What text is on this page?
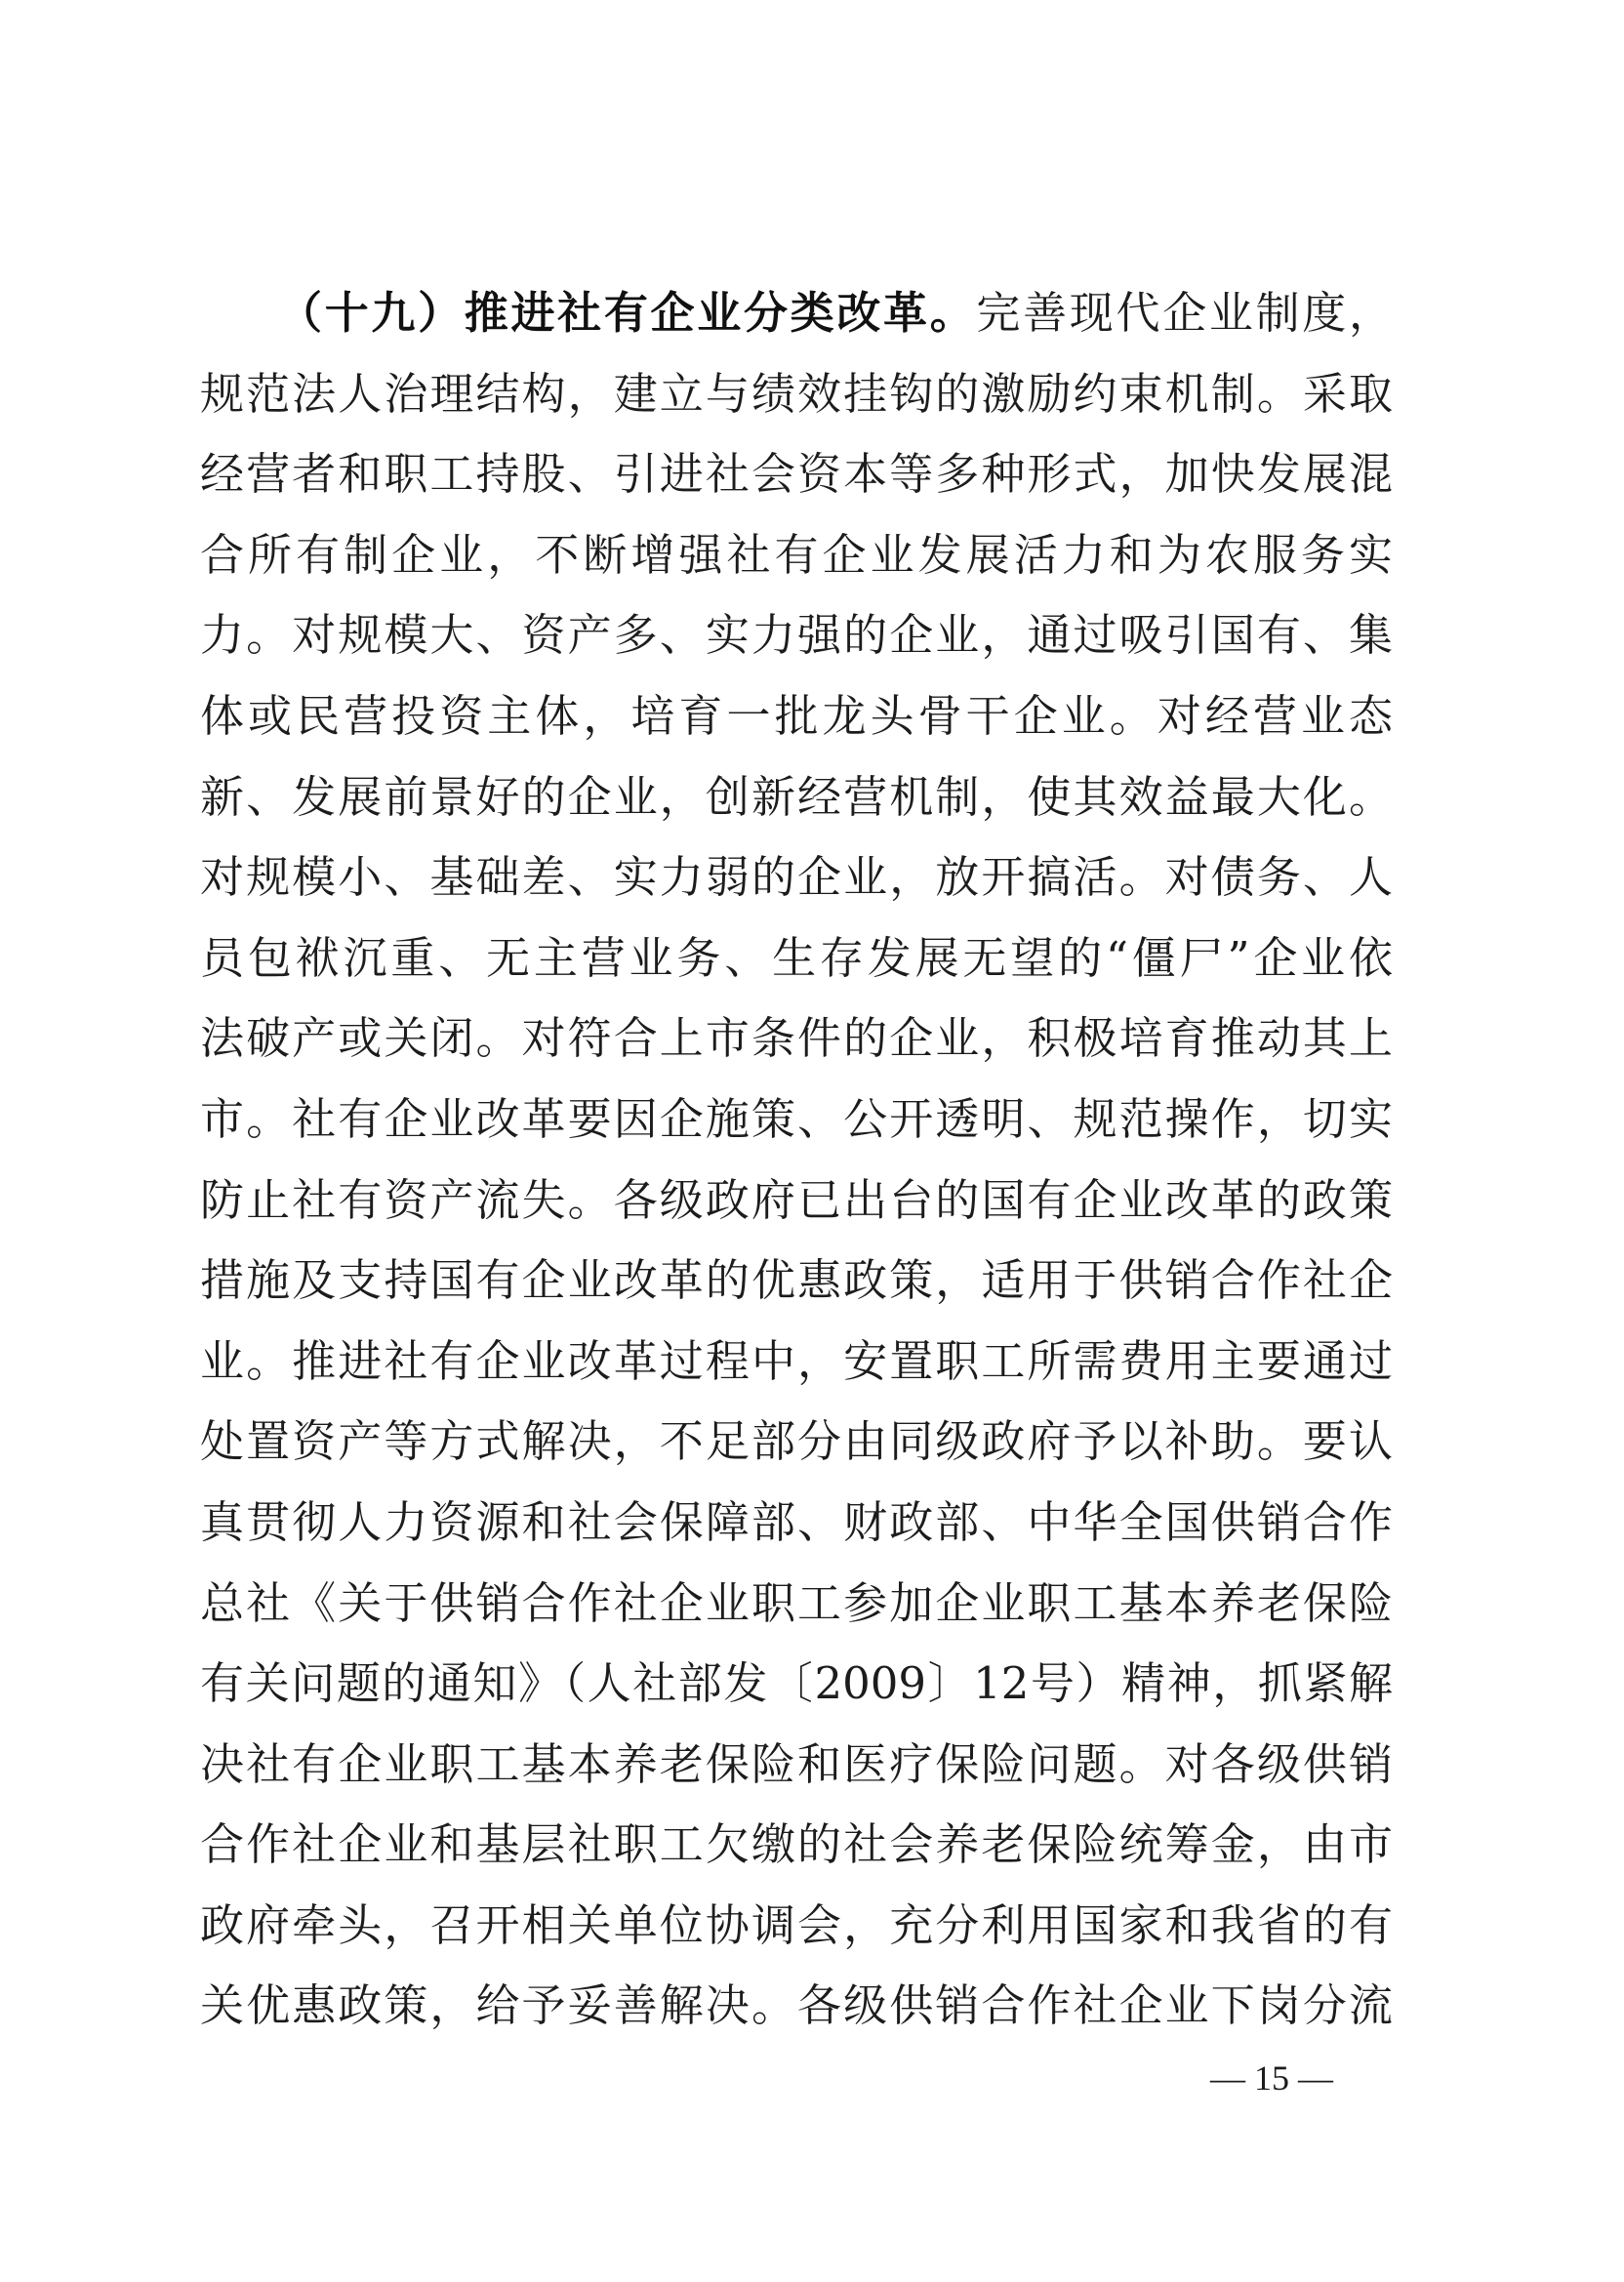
（十九）推进社有企业分类改革。完善现代企业制度，
规范法人治理结构，建立与绩效挂钩的激励约束机制。采取
经营者和职工持股、引进社会资本等多种形式，加快发展混
合所有制企业，不断增强社有企业发展活力和为农服务实
力。对规模大、资产多、实力强的企业，通过吸引国有、集
体或民营投资主体，培育一批龙头骨干企业。对经营业态
新、发展前景好的企业，创新经营机制，使其效益最大化。
对规模小、基础差、实力弱的企业，放开搞活。对债务、人
员包袱沉重、无主营业务、生存发展无望的“僵尸”企业依
法破产或关闭。对符合上市条件的企业，积极培育推动其上
市。社有企业改革要因企施策、公开透明、规范操作，切实
防止社有资产流失。各级政府已出台的国有企业改革的政策
措施及支持国有企业改革的优惠政策，适用于供销合作社企
业。推进社有企业改革过程中，安置职工所需费用主要通过
处置资产等方式解决，不足部分由同级政府予以补助。要认
真贯彻人力资源和社会保障部、财政部、中华全国供销合作
总社《关于供销合作社企业职工参加企业职工基本养老保险
有关问题的通知》（人社部发〔2009〕12号）精神，抓紧解
决社有企业职工基本养老保险和医疗保险问题。对各级供销
合作社企业和基层社职工欠缴的社会养老保险统筹金，由市
政府牵头，召开相关单位协调会，充分利用国家和我省的有
关优惠政策，给予妥善解决。各级供销合作社企业下岗分流
— 15 —
